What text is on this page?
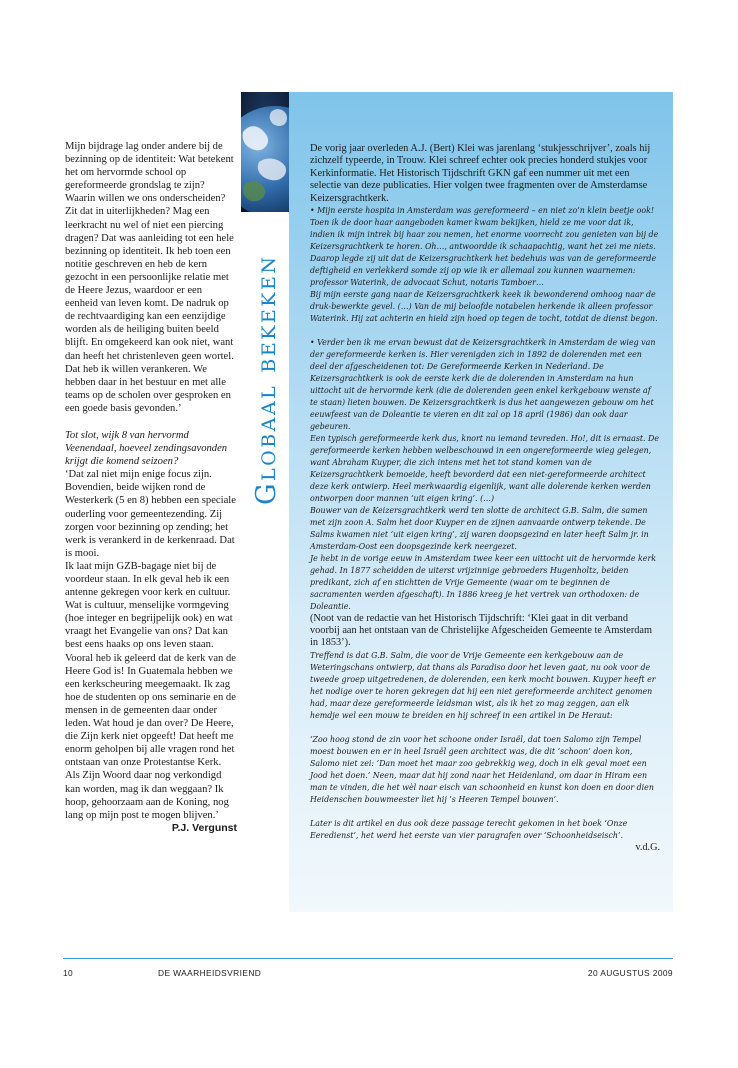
Mijn bijdrage lag onder andere bij de bezinning op de identiteit: Wat betekent het om hervormde school op gereformeerde grondslag te zijn? Waarin willen we ons onderscheiden? Zit dat in uiterlijkheden? Mag een leerkracht nu wel of niet een piercing dragen? Dat was aanleiding tot een hele bezinning op identiteit. Ik heb toen een notitie geschreven en heb de kern gezocht in een persoonlijke relatie met de Heere Jezus, waardoor er een eenheid van leven komt. De nadruk op de rechtvaardiging kan een eenzijdige worden als de heiliging buiten beeld blijft. En omgekeerd kan ook niet, want dan heeft het christenleven geen wortel. Dat heb ik willen verankeren. We hebben daar in het bestuur en met alle teams op de scholen over gesproken en een goede basis gevonden.’

Tot slot, wijk 8 van hervormd Veenendaal, hoeveel zendingsavonden krijgt die komend seizoen?

‘Dat zal niet mijn enige focus zijn. Bovendien, beide wijken rond de Westerkerk (5 en 8) hebben een speciale ouderling voor gemeentezending. Zij zorgen voor bezinning op zending; het werk is verankerd in de kerkenraad. Dat is mooi.

Ik laat mijn GZB-bagage niet bij de voordeur staan. In elk geval heb ik een antenne gekregen voor kerk en cultuur. Wat is cultuur, menselijke vormgeving (hoe integer en begrijpelijk ook) en wat vraagt het Evangelie van ons? Dat kan best eens haaks op ons leven staan.

Vooral heb ik geleerd dat de kerk van de Heere God is! In Guatemala hebben we een kerkscheuring meegemaakt. Ik zag hoe de studenten op ons seminarie en de mensen in de gemeenten daar onder leden. Wat houd je dan over? De Heere, die Zijn kerk niet opgeeft! Dat heeft me enorm geholpen bij alle vragen rond het ontstaan van onze Protestantse Kerk. Als Zijn Woord daar nog verkondigd kan worden, mag ik dan weggaan? Ik hoop, gehoorzaam aan de Koning, nog lang op mijn post te mogen blijven.’

P.J. Vergunst

Globaal bekeken

De vorig jaar overleden A.J. (Bert) Klei was jarenlang ‘stukjesschrijver’, zoals hij zichzelf typeerde, in Trouw. Klei schreef echter ook precies honderd stukjes voor Kerkinformatie. Het Historisch Tijdschrift GKN gaf een nummer uit met een selectie van deze publicaties. Hier volgen twee fragmenten over de Amsterdamse Keizersgrachtkerk.

• Mijn eerste hospita in Amsterdam was gereformeerd – en niet zo’n klein beetje ook! Toen ik de door haar aangeboden kamer kwam bekijken, hield ze me voor dat ik, indien ik mijn intrek bij haar zou nemen, het enorme voorrecht zou genieten van bij de Keizersgrachtkerk te horen. Oh…, antwoordde ik schaapachtig, want het zei me niets. Daarop legde zij uit dat de Keizersgrachtkerk het bedehuis was van de gereformeerde deftigheid en verlekkerd somde zij op wie ik er allemaal zou kunnen waarnemen: professor Waterink, de advocaat Schut, notaris Tamboer…

Bij mijn eerste gang naar de Keizersgrachtkerk keek ik bewonderend omhoog naar de druk-bewerkte gevel. (…) Van de mij beloofde notabelen herkende ik alleen professor Waterink. Hij zat achterin en hield zijn hoed op tegen de tocht, totdat de dienst begon.

• Verder ben ik me ervan bewust dat de Keizersgrachtkerk in Amsterdam de wieg van der gereformeerde kerken is. Hier verenigden zich in 1892 de dolerenden met een deel der afgescheidenen tot: De Gereformeerde Kerken in Nederland. De Keizersgrachtkerk is ook de eerste kerk die de dolerenden in Amsterdam na hun uittocht uit de hervormde kerk (die de dolerenden geen enkel kerkgebouw wenste af te staan) lieten bouwen. De Keizersgrachtkerk is dus het aangewezen gebouw om het eeuwfeest van de Doleantie te vieren en dit zal op 18 april (1986) dan ook daar gebeuren.

Een typisch gereformeerde kerk dus, knort nu iemand tevreden. Ho!, dit is ernaast. De gereformeerde kerken hebben welbeschouwd in een ongereformeerde wieg gelegen, want Abraham Kuyper, die zich intens met het tot stand komen van de Keizersgrachtkerk bemoeide, heeft bevorderd dat een niet-gereformeerde architect deze kerk ontwierp. Heel merkwaardig eigenlijk, want alle dolerende kerken werden ontworpen door mannen ‘uit eigen kring’. (…)

Bouwer van de Keizersgrachtkerk werd ten slotte de architect G.B. Salm, die samen met zijn zoon A. Salm het door Kuyper en de zijnen aanvaarde ontwerp tekende. De Salms kwamen niet ‘uit eigen kring’, zij waren doopsgezind en later heeft Salm jr. in Amsterdam-Oost een doopsgezinde kerk neergezet.

Je hebt in de vorige eeuw in Amsterdam twee keer een uittocht uit de hervormde kerk gehad. In 1877 scheidden de uiterst vrijzinnige gebroeders Hugenholtz, beiden predikant, zich af en stichtten de Vrije Gemeente (waar om te beginnen de sacramenten werden afgeschaft). In 1886 kreeg je het vertrek van orthodoxen: de Doleantie.

(Noot van de redactie van het Historisch Tijdschrift: ‘Klei gaat in dit verband voorbij aan het ontstaan van de Christelijke Afgescheiden Gemeente te Amsterdam in 1853’).

Treffend is dat G.B. Salm, die voor de Vrije Gemeente een kerkgebouw aan de Weteringschans ontwierp, dat thans als Paradiso door het leven gaat, nu ook voor de tweede groep uitgetredenen, de dolerenden, een kerk mocht bouwen. Kuyper heeft er het nodige over te horen gekregen dat hij een niet gereformeerde architect genomen had, maar deze gereformeerde leidsman wist, als ik het zo mag zeggen, aan elk hemdje wel een mouw te breiden en hij schreef in een artikel in De Heraut:

‘Zoo hoog stond de zin voor het schoone onder Israël, dat toen Salomo zijn Tempel moest bouwen en er in heel Israël geen architect was, die dit ‘schoon’ doen kon, Salomo niet zei: ‘Dan moet het maar zoo gebrekkig weg, doch in elk geval moet een Jood het doen.’ Neen, maar dat hij zond naar het Heidenland, om daar in Hiram een man te vinden, die het wèl naar eisch van schoonheid en kunst kon doen en door dien Heidenschen bouwmeester liet hij ’s Heeren Tempel bouwen’.

Later is dit artikel en dus ook deze passage terecht gekomen in het boek ‘Onze Eeredienst’, het werd het eerste van vier paragrafen over ‘Schoonheidseisch’.

v.d.G.

10	DE WAARHEIDSVRIEND	20 AUGUSTUS 2009
